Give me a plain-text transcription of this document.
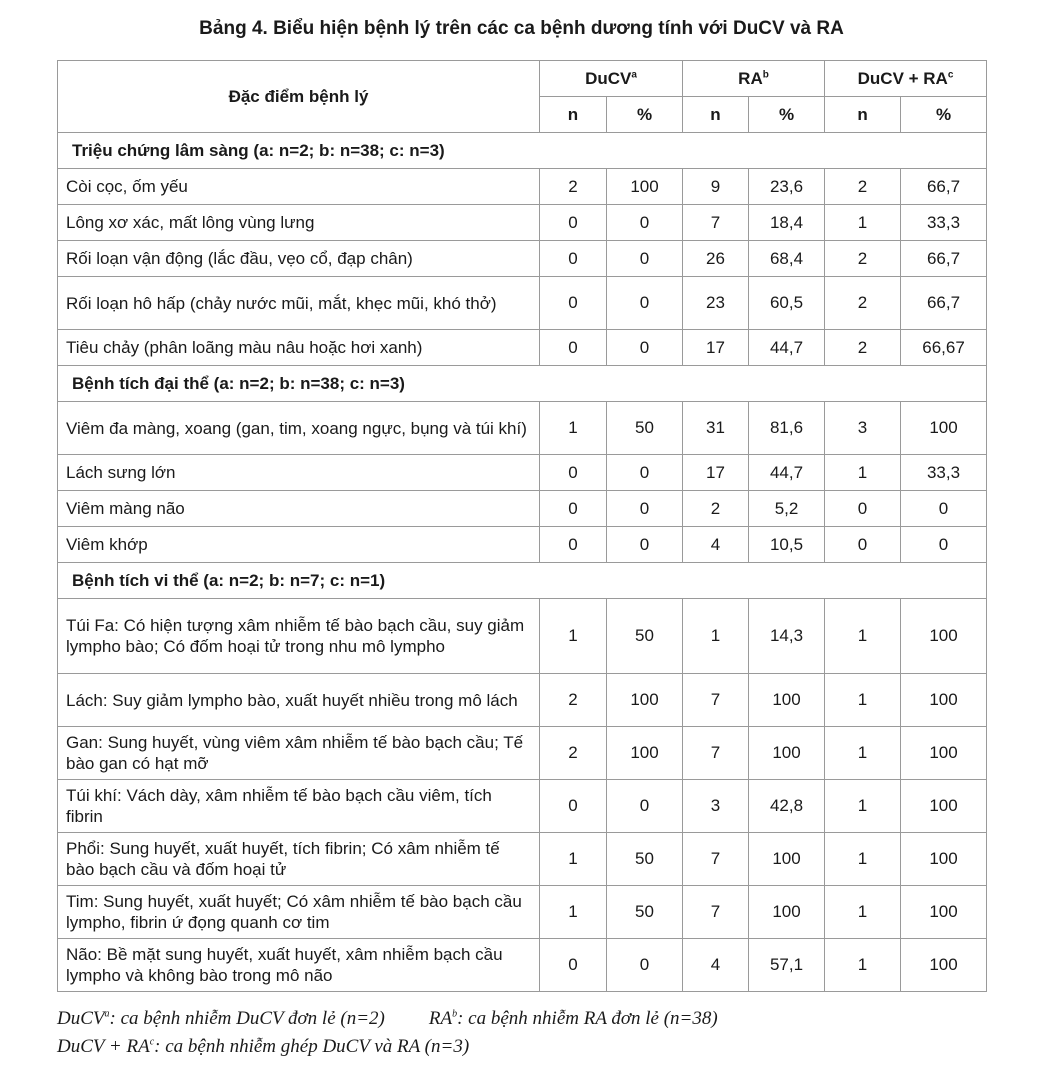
Bảng 4. Biểu hiện bệnh lý trên các ca bệnh dương tính với DuCV và RA
Đặc điểm bệnh lý	DuCV$^a$		$RA^b$		DuCV + $RA^c$
	n	%	n	%	n	%
Triệu chứng lâm sàng (a: n=2; b: n=38; c: n=3)						
Còi cọc, ốm yếu	2	100	9	23,6	2	66,7
Lông xơ xác, mất lông vùng lưng	0	0	7	18,4	1	33,3
Rối loạn vận động (lắc đầu, vẹo cổ, đạp chân)	0	0	26	68,4	2	66,7
Rối loạn hô hấp (chảy nước mũi, mắt, khẹc mũi, khó thở)	0	0	23	60,5	2	66,7
Tiêu chảy (phân loãng màu nâu hoặc hơi xanh)	0	0	17	44,7	2	66,67
Bệnh tích đại thể (a: n=2; b: n=38; c: n=3)						
Viêm đa màng, xoang (gan, tim, xoang ngực, bụng và túi khí)	1	50	31	81,6	3	100
Lách sưng lớn	0	0	17	44,7	1	33,3
Viêm màng não	0	0	2	5,2	0	0
Viêm khớp	0	0	4	10,5	0	0
Bệnh tích vi thể (a: n=2; b: n=7; c: n=1)						
Túi Fa: Có hiện tượng xâm nhiễm tế bào bạch cầu, suy giảm lympho bào; Có đốm hoại tử trong nhu mô lympho	1	50	1	14,3	1	100
Lách: Suy giảm lympho bào, xuất huyết nhiều trong mô lách	2	100	7	100	1	100
Gan: Sung huyết, vùng viêm xâm nhiễm tế bào bạch cầu; Tế bào gan có hạt mỡ	2	100	7	100	1	100
Túi khí: Vách dày, xâm nhiễm tế bào bạch cầu viêm, tích fibrin	0	0	3	42,8	1	100
Phổi: Sung huyết, xuất huyết, tích fibrin; Có xâm nhiễm tế bào bạch cầu và đốm hoại tử	1	50	7	100	1	100
Tim: Sung huyết, xuất huyết; Có xâm nhiễm tế bào bạch cầu lympho, fibrin ứ đọng quanh cơ tim	1	50	7	100	1	100
Não: Bề mặt sung huyết, xuất huyết, xâm nhiễm bạch cầu lympho và không bào trong mô não	0	0	4	57,1	1	100
DuCV$^a$: ca bệnh nhiễm DuCV đơn lẻ (n=2) $RA^b$: ca bệnh nhiễm RA đơn lẻ (n=38)
DuCV + $RA^c$: ca bệnh nhiễm ghép DuCV và RA (n=3)
